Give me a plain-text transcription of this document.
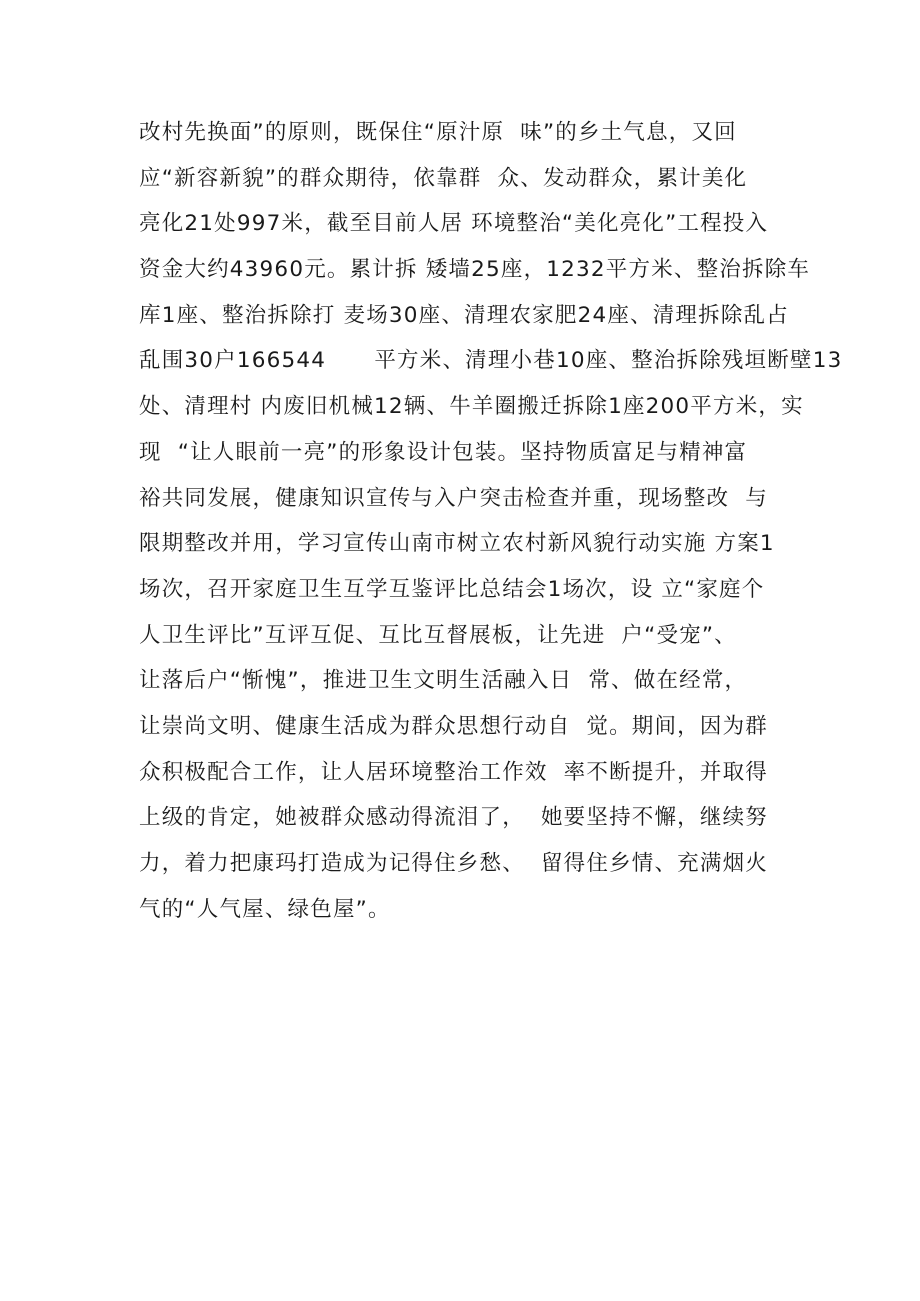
改村先换面”的原则，既保住“原汁原  味”的乡土气息，又回
应“新容新貌”的群众期待，依靠群  众、发动群众，累计美化
亮化21处997米，截至目前人居 环境整治“美化亮化”工程投入
资金大约43960元。累计拆 矮墙25座，1232平方米、整治拆除车
库1座、整治拆除打 麦场30座、清理农家肥24座、清理拆除乱占
乱围30户166544      平方米、清理小巷10座、整治拆除残垣断壁13
处、清理村 内废旧机械12辆、牛羊圈搬迁拆除1座200平方米，实
现  “让人眼前一亮”的形象设计包装。坚持物质富足与精神富
裕共同发展，健康知识宣传与入户突击检查并重，现场整改  与
限期整改并用，学习宣传山南市树立农村新风貌行动实施 方案1
场次，召开家庭卫生互学互鉴评比总结会1场次，设 立“家庭个
人卫生评比”互评互促、互比互督展板，让先进  户“受宠”、
让落后户“惭愧”，推进卫生文明生活融入日  常、做在经常，
让崇尚文明、健康生活成为群众思想行动自  觉。期间，因为群
众积极配合工作，让人居环境整治工作效  率不断提升，并取得
上级的肯定，她被群众感动得流泪了，  她要坚持不懈，继续努
力，着力把康玛打造成为记得住乡愁、  留得住乡情、充满烟火
气的“人气屋、绿色屋”。
